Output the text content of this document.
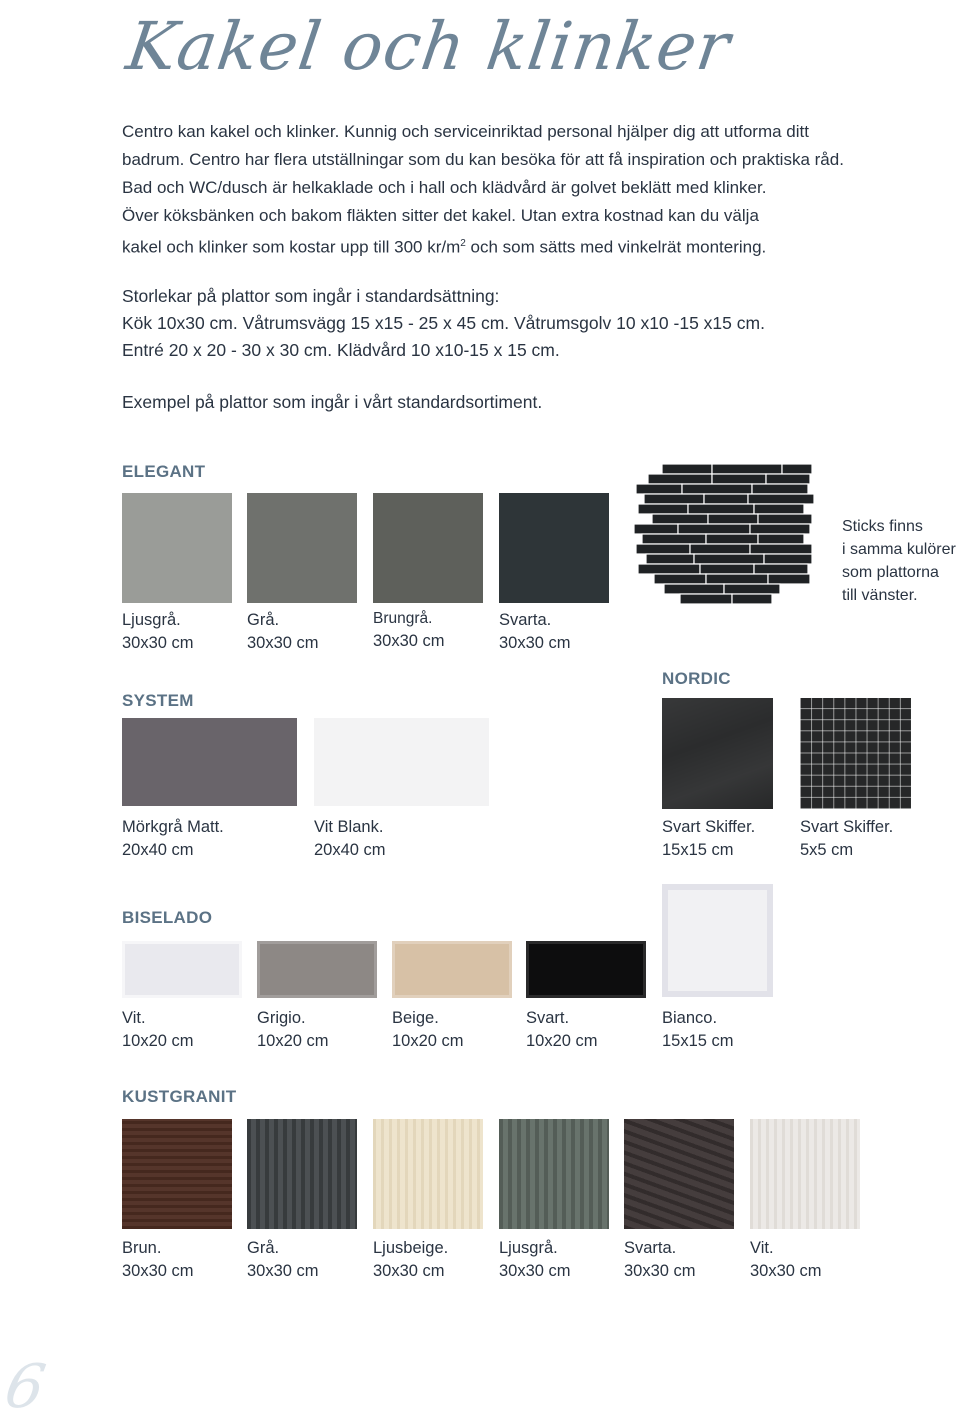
Kakel och klinker
Centro kan kakel och klinker. Kunnig och serviceinriktad personal hjälper dig att utforma ditt
badrum. Centro har flera utställningar som du kan besöka för att få inspiration och praktiska råd.
Bad och WC/dusch är helkaklade och i hall och klädvård är golvet beklätt med klinker.
Över köksbänken och bakom fläkten sitter det kakel. Utan extra kostnad kan du välja
kakel och klinker som kostar upp till 300 $kr/m^2$ och som sätts med vinkelrät montering.
Storlekar på plattor som ingår i standardsättning:
Kök 10x30 cm. Våtrumsvägg 15 x15 - 25 x 45 cm. Våtrumsgolv 10 x10 -15 x15 cm.
Entré 20 x 20 - 30 x 30 cm. Klädvård 10 x10-15 x 15 cm.
Exempel på plattor som ingår i vårt standardsortiment.
ELEGANT
Ljusgrå.
30x30 cm
Grå.
30x30 cm
Brungrå.
30x30 cm
Svarta.
30x30 cm
Sticks finns
i samma kulörer
som plattorna
till vänster.
SYSTEM
Mörkgrå Matt.
20x40 cm
Vit Blank.
20x40 cm
NORDIC
Svart Skiffer.
15x15 cm
Svart Skiffer.
5x5 cm
BISELADO
Vit.
10x20 cm
Grigio.
10x20 cm
Beige.
10x20 cm
Svart.
10x20 cm
Bianco.
15x15 cm
KUSTGRANIT
Brun.
30x30 cm
Grå.
30x30 cm
Ljusbeige.
30x30 cm
Ljusgrå.
30x30 cm
Svarta.
30x30 cm
Vit.
30x30 cm
6
